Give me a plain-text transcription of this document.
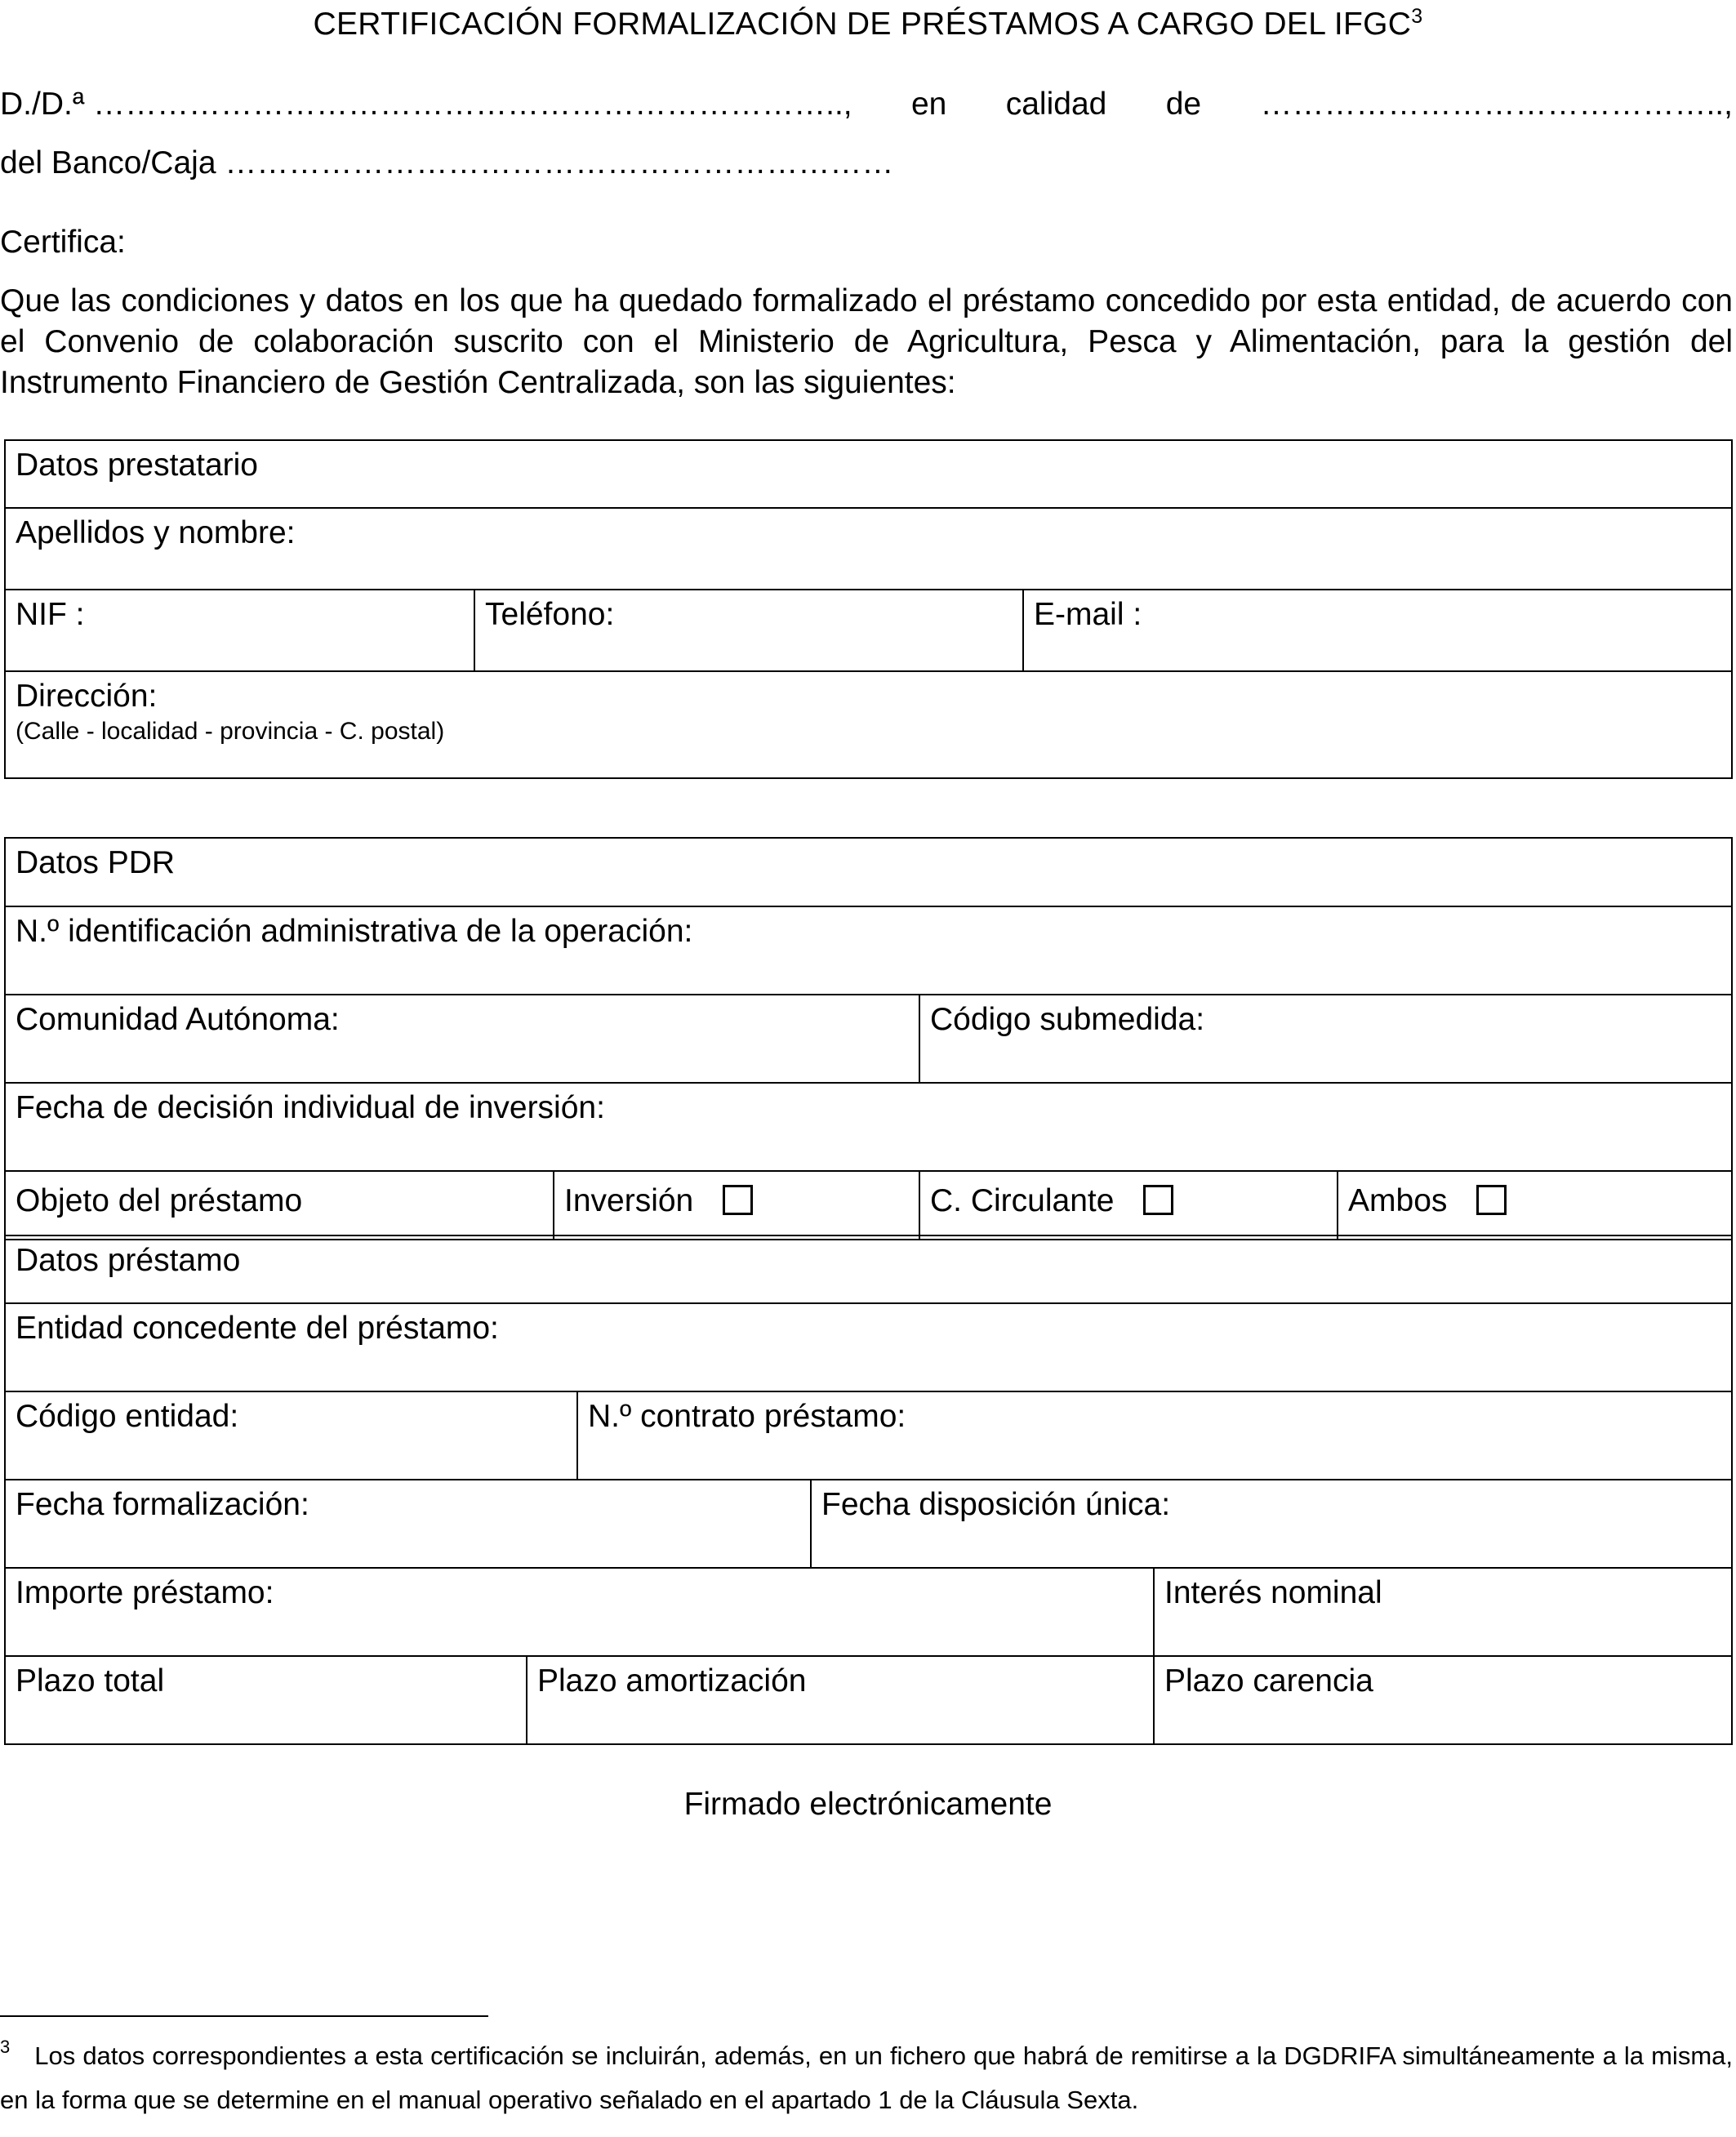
CERTIFICACIÓN FORMALIZACIÓN DE PRÉSTAMOS A CARGO DEL IFGC$^3$
D./D.ª …………………………………………………………….., en calidad de ……………………………………..,
del Banco/Caja ………………………………………………………
Certifica:
Que las condiciones y datos en los que ha quedado formalizado el préstamo concedido por esta entidad, de acuerdo con el Convenio de colaboración suscrito con el Ministerio de Agricultura, Pesca y Alimentación, para la gestión del Instrumento Financiero de Gestión Centralizada, son las siguientes:
Datos prestatario

Apellidos y nombre:

NIF :	Teléfono:	E-mail :

Dirección:
(Calle - localidad - provincia - C. postal)
Datos PDR			

N.º identificación administrativa de la operación:			

Comunidad Autónoma:		Código submedida:	

Fecha de decisión individual de inversión:			

Objeto del préstamo	Inversión	C. Circulante	Ambos
Datos préstamo				

Entidad concedente del préstamo:				

Código entidad:		N.º contrato préstamo:		

Fecha formalización:			Fecha disposición única:	

Importe préstamo:				Interés nominal

Plazo total	Plazo amortización			Plazo carencia
Firmado electrónicamente
$^3$ Los datos correspondientes a esta certificación se incluirán, además, en un fichero que habrá de remitirse a la DGDRIFA simultáneamente a la misma, en la forma que se determine en el manual operativo señalado en el apartado 1 de la Cláusula Sexta.
